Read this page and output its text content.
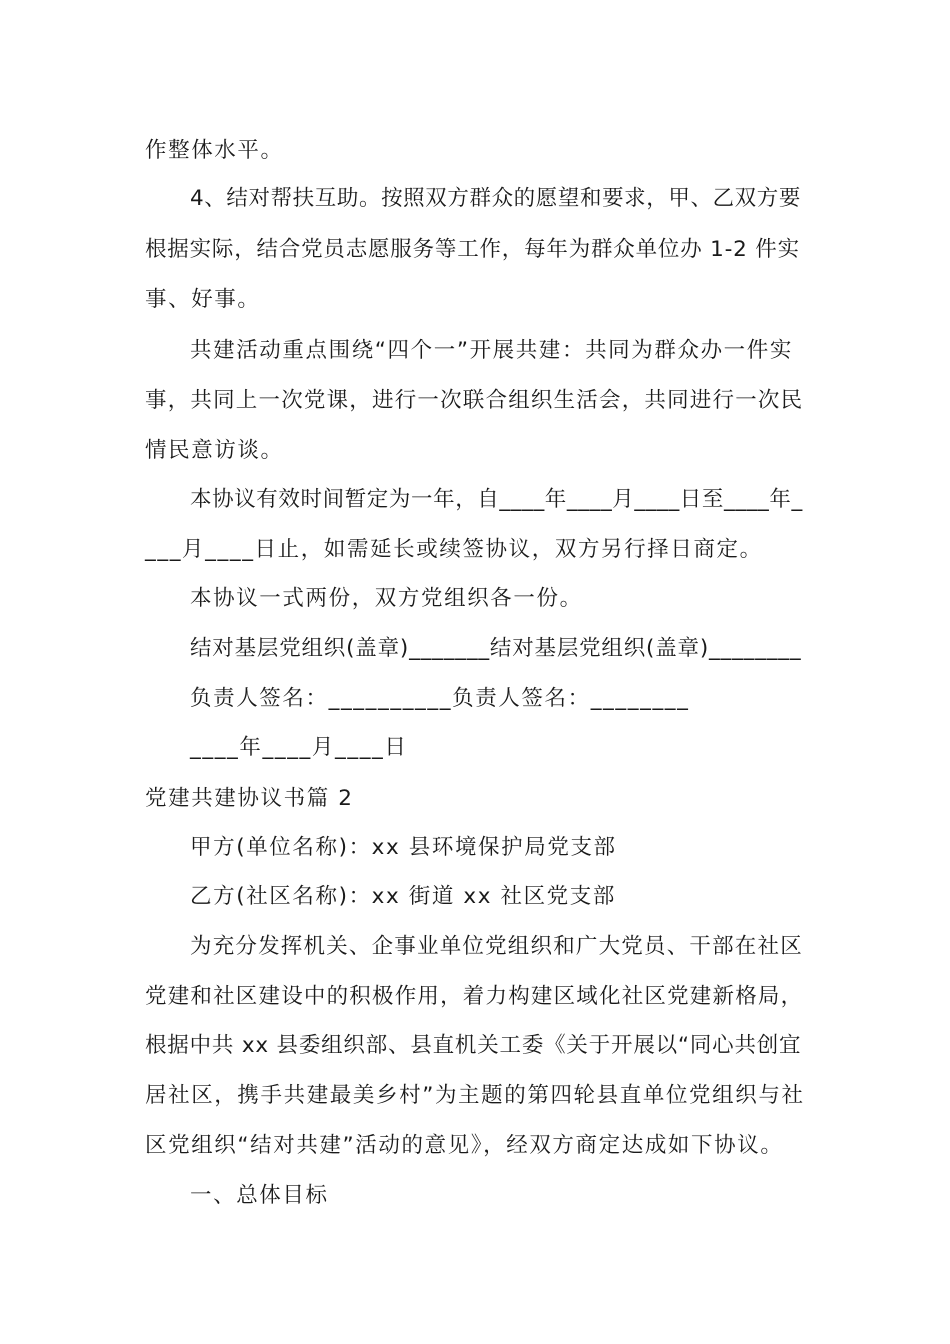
作整体水平。
4、结对帮扶互助。按照双方群众的愿望和要求，甲、乙双方要
根据实际，结合党员志愿服务等工作，每年为群众单位办 1-2 件实
事、好事。
共建活动重点围绕“四个一”开展共建：共同为群众办一件实
事，共同上一次党课，进行一次联合组织生活会，共同进行一次民
情民意访谈。
本协议有效时间暂定为一年，自____年____月____日至____年_
___月____日止，如需延长或续签协议，双方另行择日商定。
本协议一式两份，双方党组织各一份。
结对基层党组织(盖章)_______结对基层党组织(盖章)________
负责人签名：__________负责人签名：________
____年____月____日
党建共建协议书篇 2
甲方(单位名称)：xx 县环境保护局党支部
乙方(社区名称)：xx 街道 xx 社区党支部
为充分发挥机关、企事业单位党组织和广大党员、干部在社区
党建和社区建设中的积极作用，着力构建区域化社区党建新格局，
根据中共 xx 县委组织部、县直机关工委《关于开展以“同心共创宜
居社区，携手共建最美乡村”为主题的第四轮县直单位党组织与社
区党组织“结对共建”活动的意见》，经双方商定达成如下协议。
一、总体目标
